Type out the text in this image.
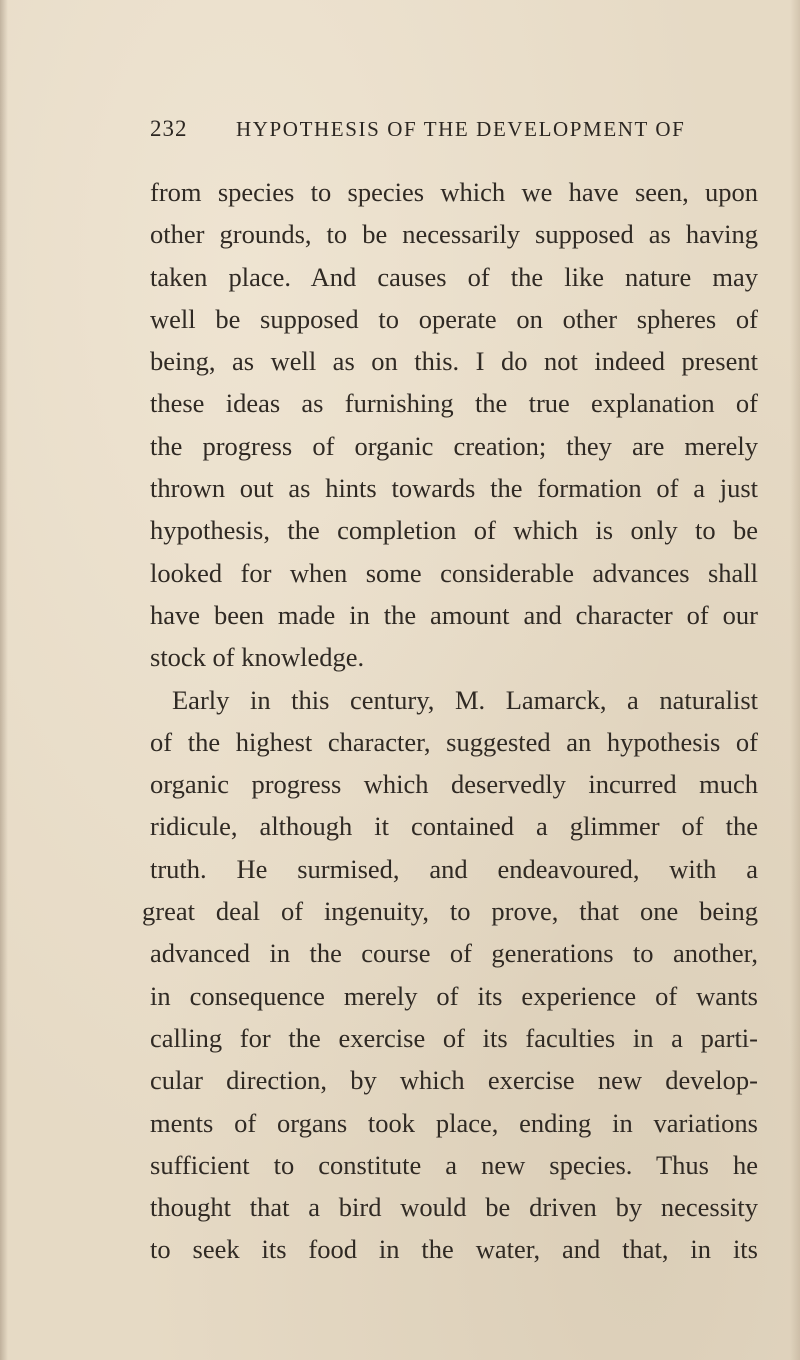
232 HYPOTHESIS OF THE DEVELOPMENT OF
from species to species which we have seen, upon
other grounds, to be necessarily supposed as having
taken place. And causes of the like nature may
well be supposed to operate on other spheres of
being, as well as on this. I do not indeed present
these ideas as furnishing the true explanation of
the progress of organic creation; they are merely
thrown out as hints towards the formation of a just
hypothesis, the completion of which is only to be
looked for when some considerable advances shall
have been made in the amount and character of our
stock of knowledge.
Early in this century, M. Lamarck, a naturalist
of the highest character, suggested an hypothesis of
organic progress which deservedly incurred much
ridicule, although it contained a glimmer of the
truth. He surmised, and endeavoured, with a
great deal of ingenuity, to prove, that one being
advanced in the course of generations to another,
in consequence merely of its experience of wants
calling for the exercise of its faculties in a parti-
cular direction, by which exercise new develop-
ments of organs took place, ending in variations
sufficient to constitute a new species. Thus he
thought that a bird would be driven by necessity
to seek its food in the water, and that, in its
